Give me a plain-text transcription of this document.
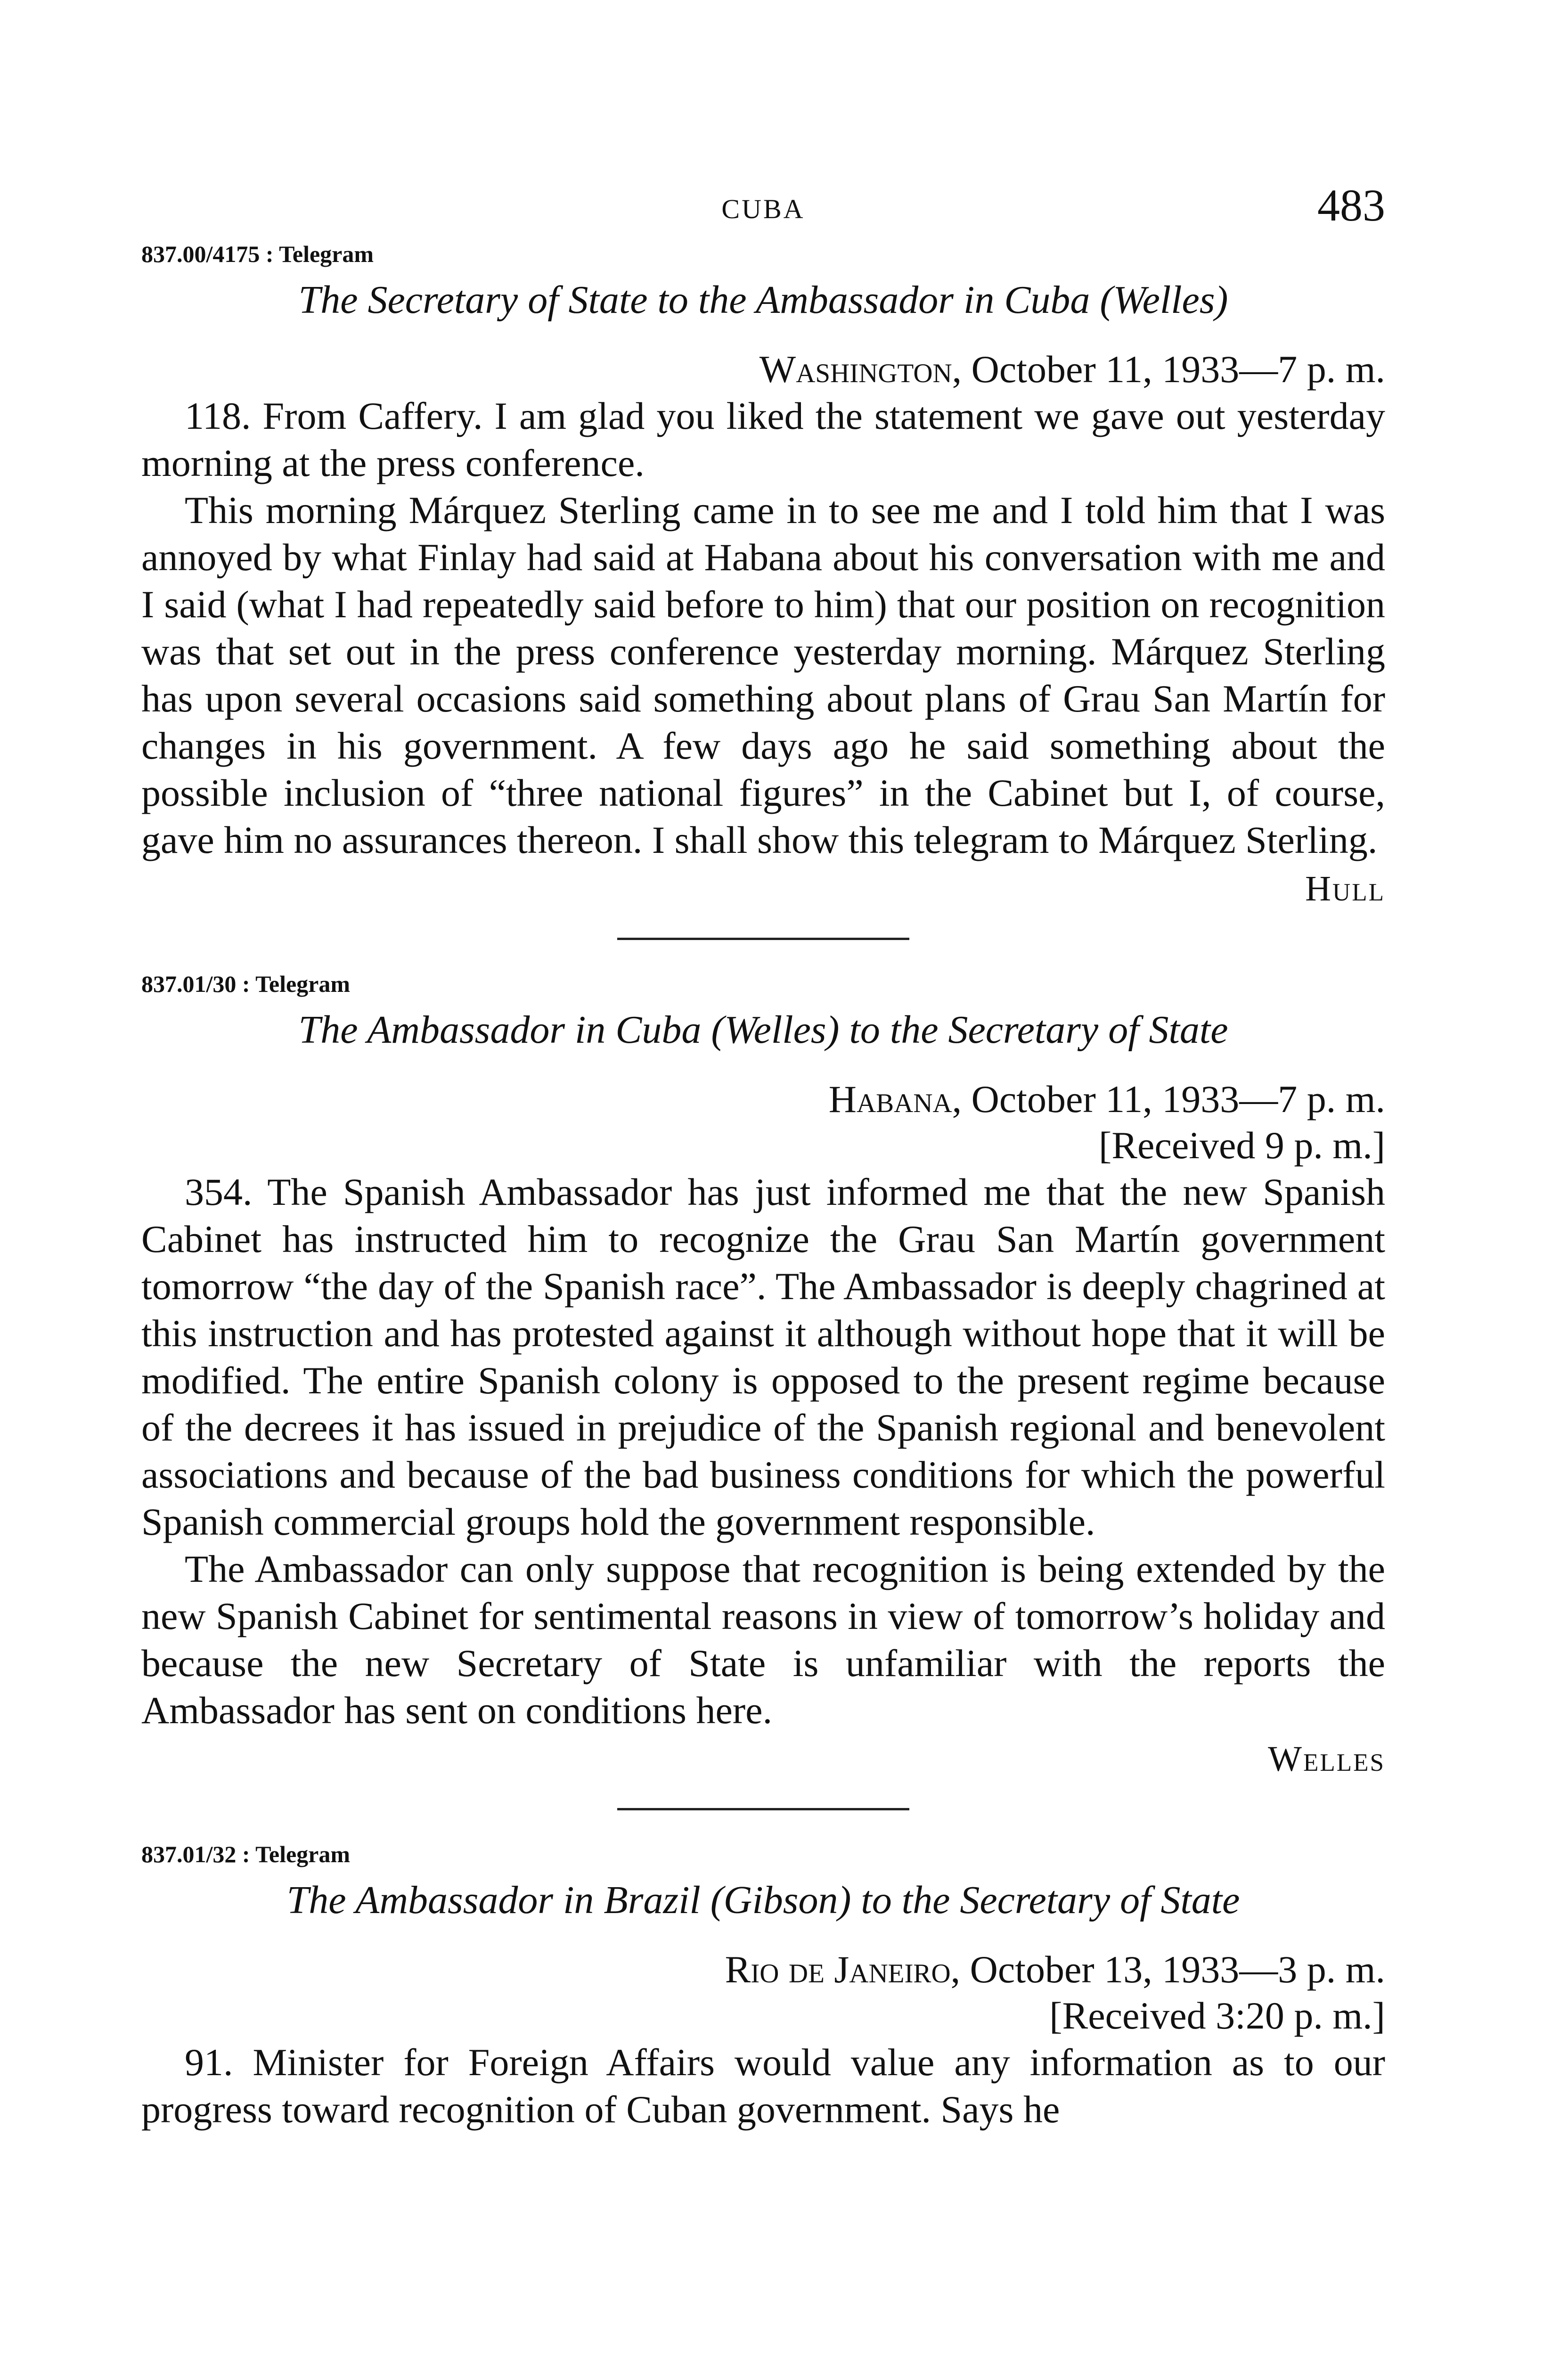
CUBA	483

837.00/4175 : Telegram

The Secretary of State to the Ambassador in Cuba (Welles)

Washington, October 11, 1933—7 p. m.

118. From Caffery. I am glad you liked the statement we gave out yesterday morning at the press conference.

This morning Márquez Sterling came in to see me and I told him that I was annoyed by what Finlay had said at Habana about his conversation with me and I said (what I had repeatedly said before to him) that our position on recognition was that set out in the press conference yesterday morning. Márquez Sterling has upon several occasions said something about plans of Grau San Martín for changes in his government. A few days ago he said something about the possible inclusion of “three national figures” in the Cabinet but I, of course, gave him no assurances thereon. I shall show this telegram to Márquez Sterling.

Hull

837.01/30 : Telegram

The Ambassador in Cuba (Welles) to the Secretary of State

Habana, October 11, 1933—7 p. m.
[Received 9 p. m.]

354. The Spanish Ambassador has just informed me that the new Spanish Cabinet has instructed him to recognize the Grau San Martín government tomorrow “the day of the Spanish race”. The Ambassador is deeply chagrined at this instruction and has protested against it although without hope that it will be modified. The entire Spanish colony is opposed to the present regime because of the decrees it has issued in prejudice of the Spanish regional and benevolent associations and because of the bad business conditions for which the powerful Spanish commercial groups hold the government responsible.

The Ambassador can only suppose that recognition is being extended by the new Spanish Cabinet for sentimental reasons in view of tomorrow’s holiday and because the new Secretary of State is unfamiliar with the reports the Ambassador has sent on conditions here.

Welles

837.01/32 : Telegram

The Ambassador in Brazil (Gibson) to the Secretary of State

Rio de Janeiro, October 13, 1933—3 p. m.
[Received 3:20 p. m.]

91. Minister for Foreign Affairs would value any information as to our progress toward recognition of Cuban government. Says he
